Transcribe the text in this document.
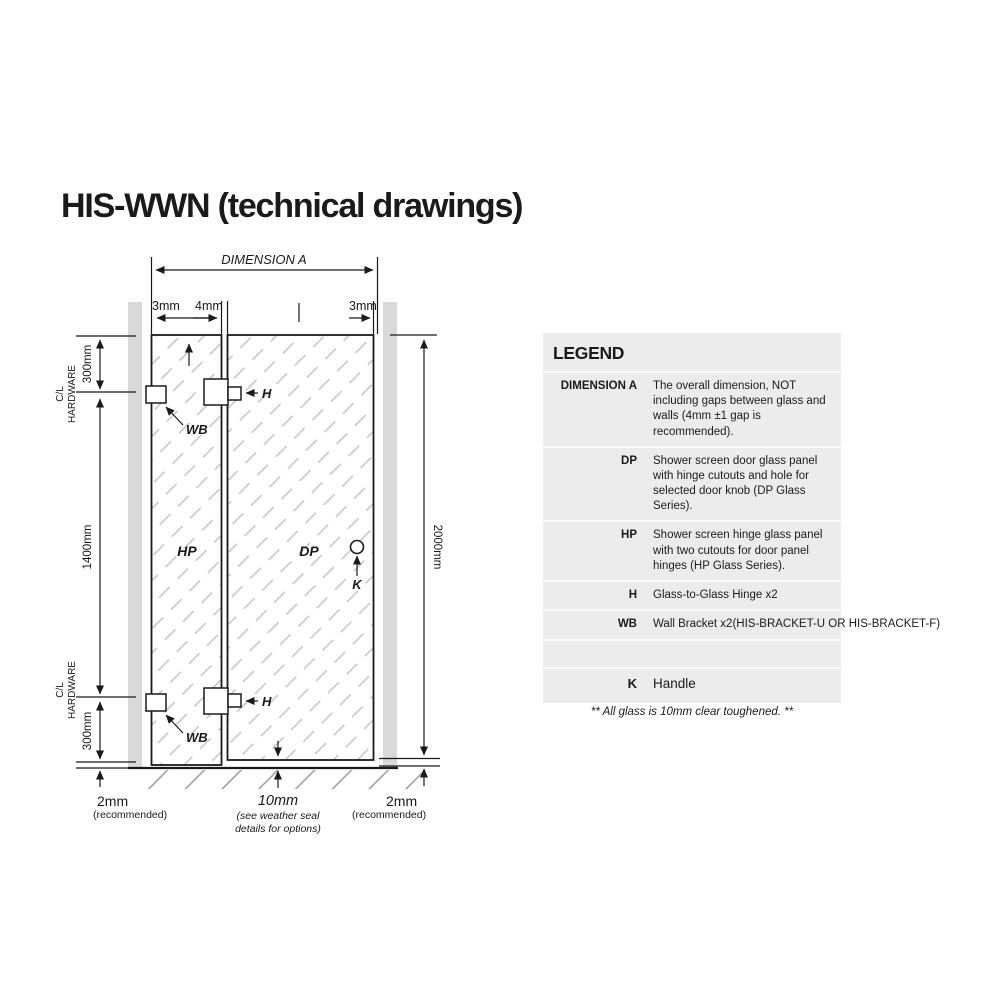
HIS-WWN (technical drawings)
DIMENSION A
3mm 4mm	3mm
300mm
C/L HARDWARE
1400mm
C/L HARDWARE
300mm
2000mm
WB
WB
H
H
K
HP	DP
2mm
(recommended)
10mm
(see weather seal
details for options)
2mm
(recommended)
LEGEND
DIMENSION A	The overall dimension, NOT including gaps between glass and walls (4mm ±1 gap is recommended).
DP	Shower screen door glass panel with hinge cutouts and hole for selected door knob (DP Glass Series).
HP	Shower screen hinge glass panel with two cutouts for door panel hinges (HP Glass Series).
H	Glass-to-Glass Hinge x2
WB	Wall Bracket x2(HIS-BRACKET-U OR HIS-BRACKET-F)
K	Handle
** All glass is 10mm clear toughened. **
